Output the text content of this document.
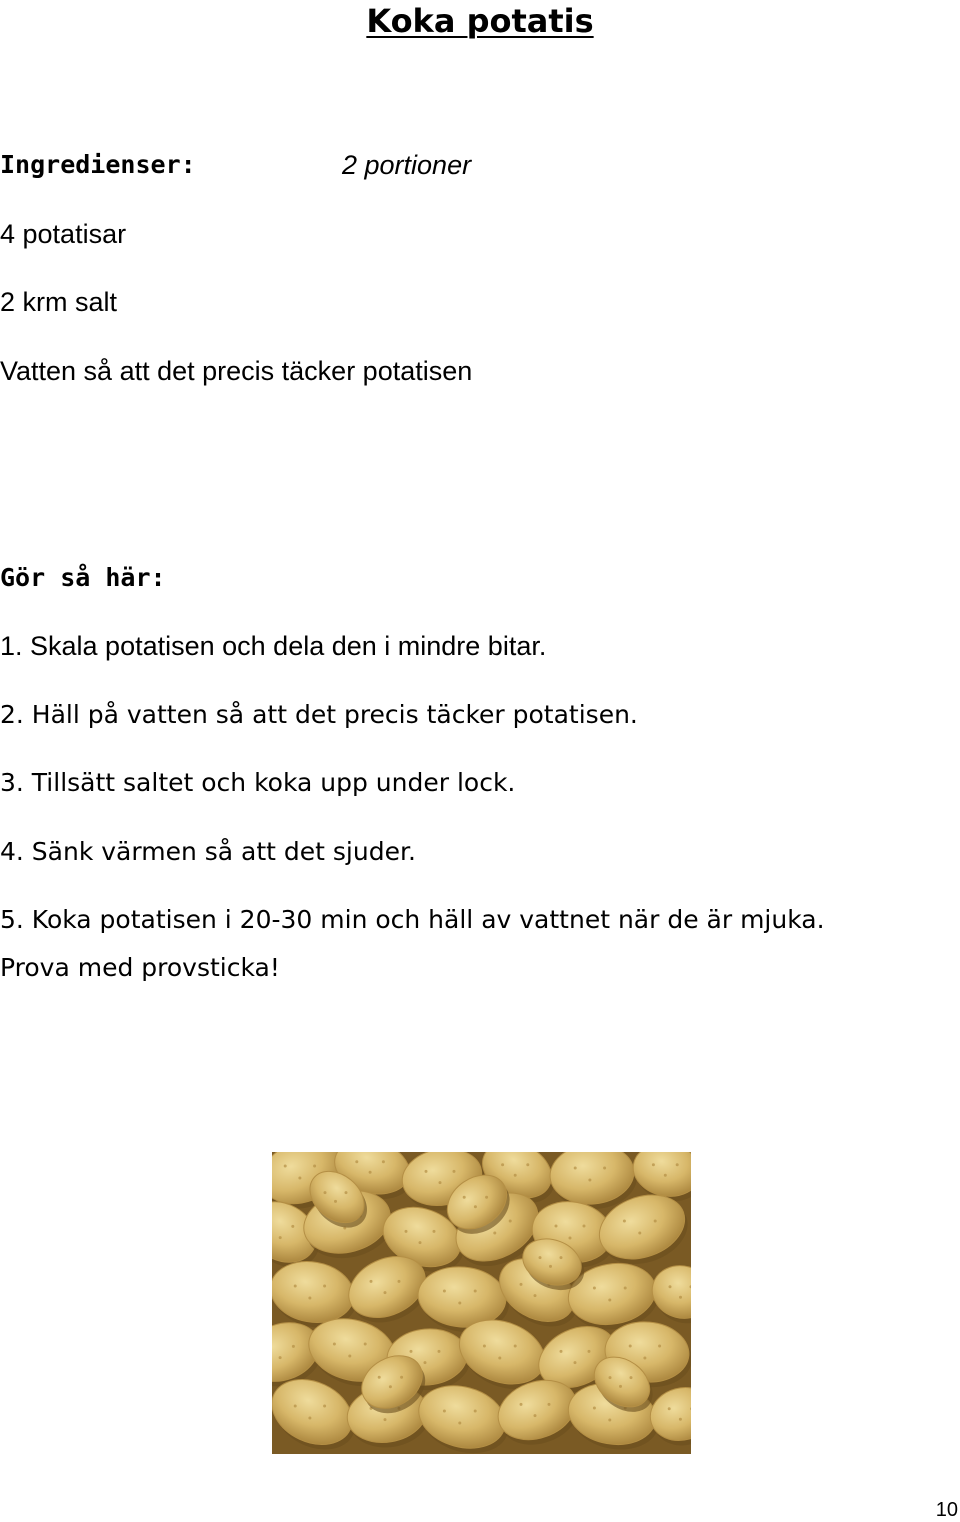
Koka potatis

Ingredienser:	2 portioner

4 potatisar

2 krm salt

Vatten så att det precis täcker potatisen

Gör så här:

1. Skala potatisen och dela den i mindre bitar.

2. Häll på vatten så att det precis täcker potatisen.

3. Tillsätt saltet och koka upp under lock.

4. Sänk värmen så att det sjuder.

5. Koka potatisen i 20-30 min och häll av vattnet när de är mjuka.

Prova med provsticka!

10
